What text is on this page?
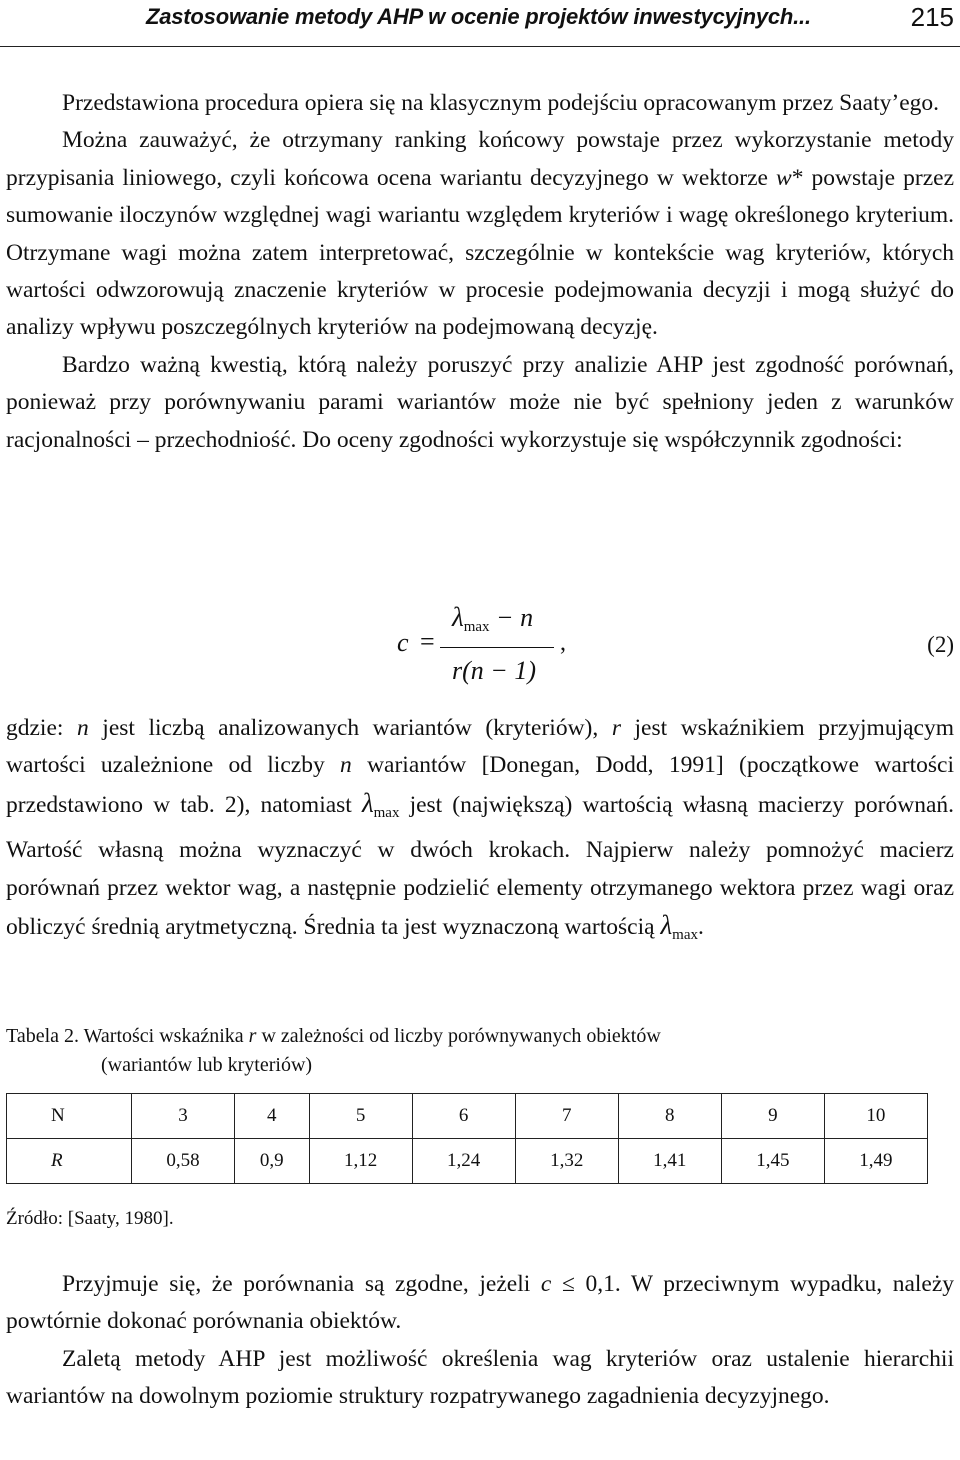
Zastosowanie metody AHP w ocenie projektów inwestycyjnych...	215

Przedstawiona procedura opiera się na klasycznym podejściu opracowanym przez Saaty’ego.

Można zauważyć, że otrzymany ranking końcowy powstaje przez wykorzystanie metody przypisania liniowego, czyli końcowa ocena wariantu decyzyjnego w wektorze w* powstaje przez sumowanie iloczynów względnej wagi wariantu względem kryteriów i wagę określonego kryterium. Otrzymane wagi można zatem interpretować, szczególnie w kontekście wag kryteriów, których wartości odwzorowują znaczenie kryteriów w procesie podejmowania decyzji i mogą służyć do analizy wpływu poszczególnych kryteriów na podejmowaną decyzję.

Bardzo ważną kwestią, którą należy poruszyć przy analizie AHP jest zgodność porównań, ponieważ przy porównywaniu parami wariantów może nie być spełniony jeden z warunków racjonalności – przechodniość. Do oceny zgodności wykorzystuje się współczynnik zgodności:

c =
$\lambda_{max} - n$
r(n − 1)
,	(2)

gdzie: n jest liczbą analizowanych wariantów (kryteriów), r jest wskaźnikiem przyjmującym wartości uzależnione od liczby n wariantów [Donegan, Dodd, 1991] (początkowe wartości przedstawiono w tab. 2), natomiast $\lambda_{max}$ jest (największą) wartością własną macierzy porównań. Wartość własną można wyznaczyć w dwóch krokach. Najpierw należy pomnożyć macierz porównań przez wektor wag, a następnie podzielić elementy otrzymanego wektora przez wagi oraz obliczyć średnią arytmetyczną. Średnia ta jest wyznaczoną wartością $\lambda_{max}$.

Tabela 2. Wartości wskaźnika r w zależności od liczby porównywanych obiektów
(wariantów lub kryteriów)
N	3	4	5	6	7	8	9	10
R	0,58	0,9	1,12	1,24	1,32	1,41	1,45	1,49
Źródło: [Saaty, 1980].

Przyjmuje się, że porównania są zgodne, jeżeli c ≤ 0,1. W przeciwnym wypadku, należy powtórnie dokonać porównania obiektów.

Zaletą metody AHP jest możliwość określenia wag kryteriów oraz ustalenie hierarchii wariantów na dowolnym poziomie struktury rozpatrywanego zagadnienia decyzyjnego.
